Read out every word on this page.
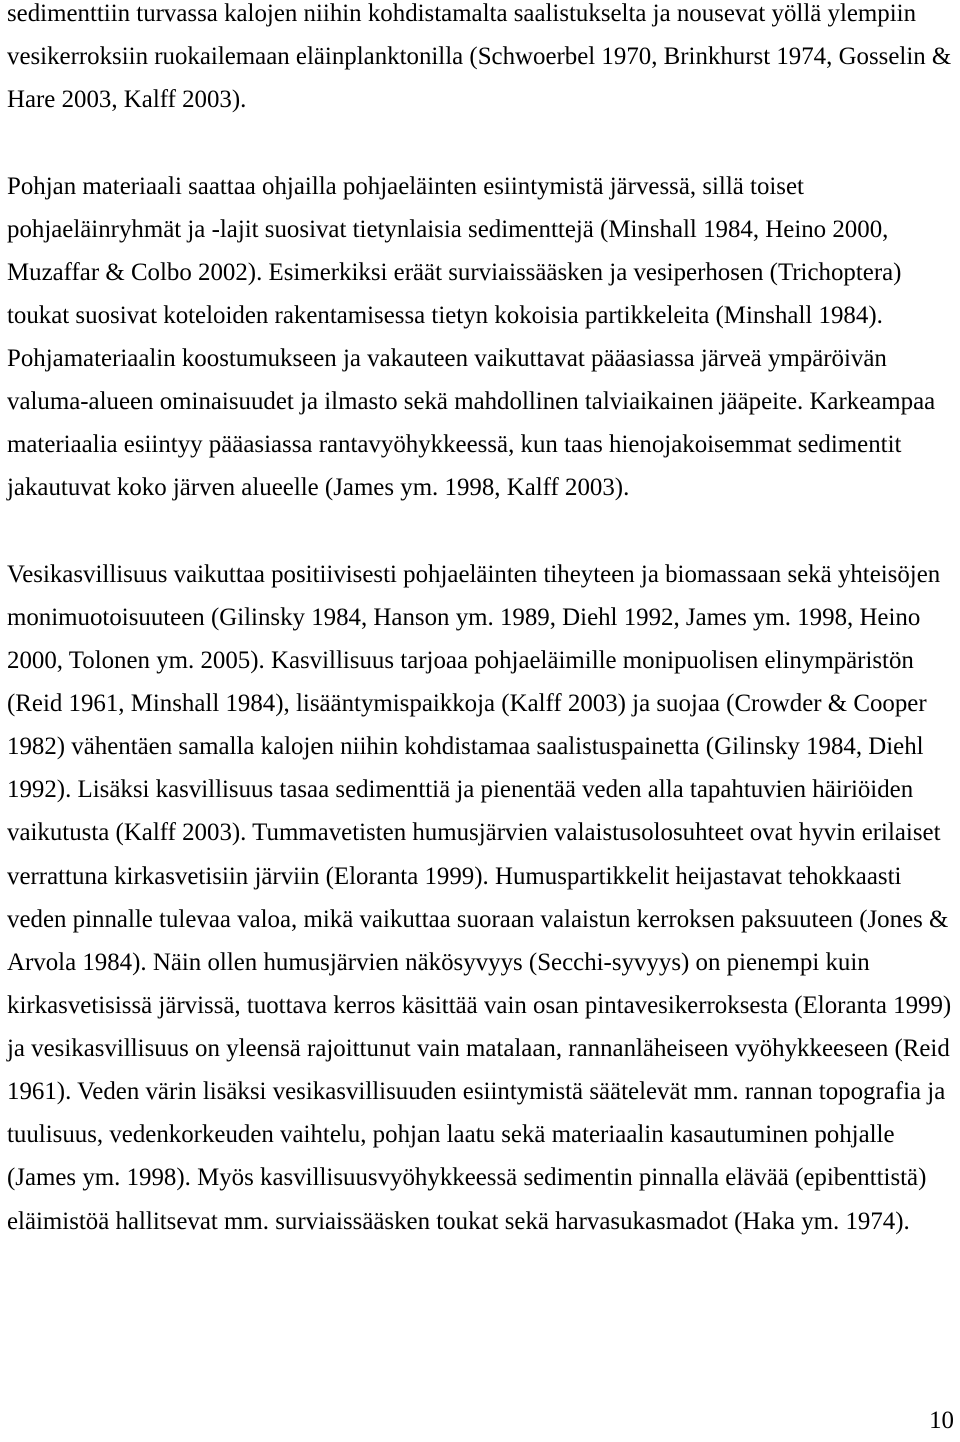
sedimenttiin turvassa kalojen niihin kohdistamalta saalistukselta ja nousevat yöllä ylempiin
vesikerroksiin ruokailemaan eläinplanktonilla (Schwoerbel 1970, Brinkhurst 1974, Gosselin &
Hare 2003, Kalff 2003).
Pohjan materiaali saattaa ohjailla pohjaeläinten esiintymistä järvessä, sillä toiset
pohjaeläinryhmät ja -lajit suosivat tietynlaisia sedimenttejä (Minshall 1984, Heino 2000,
Muzaffar & Colbo 2002). Esimerkiksi eräät surviaissääsken ja vesiperhosen (Trichoptera)
toukat suosivat koteloiden rakentamisessa tietyn kokoisia partikkeleita (Minshall 1984).
Pohjamateriaalin koostumukseen ja vakauteen vaikuttavat pääasiassa järveä ympäröivän
valuma-alueen ominaisuudet ja ilmasto sekä mahdollinen talviaikainen jääpeite. Karkeampaa
materiaalia esiintyy pääasiassa rantavyöhykkeessä, kun taas hienojakoisemmat sedimentit
jakautuvat koko järven alueelle (James ym. 1998, Kalff 2003).
Vesikasvillisuus vaikuttaa positiivisesti pohjaeläinten tiheyteen ja biomassaan sekä yhteisöjen
monimuotoisuuteen (Gilinsky 1984, Hanson ym. 1989, Diehl 1992, James ym. 1998, Heino
2000, Tolonen ym. 2005). Kasvillisuus tarjoaa pohjaeläimille monipuolisen elinympäristön
(Reid 1961, Minshall 1984), lisääntymispaikkoja (Kalff 2003) ja suojaa (Crowder & Cooper
1982) vähentäen samalla kalojen niihin kohdistamaa saalistuspainetta (Gilinsky 1984, Diehl
1992). Lisäksi kasvillisuus tasaa sedimenttiä ja pienentää veden alla tapahtuvien häiriöiden
vaikutusta (Kalff 2003). Tummavetisten humusjärvien valaistusolosuhteet ovat hyvin erilaiset
verrattuna kirkasvetisiin järviin (Eloranta 1999). Humuspartikkelit heijastavat tehokkaasti
veden pinnalle tulevaa valoa, mikä vaikuttaa suoraan valaistun kerroksen paksuuteen (Jones &
Arvola 1984). Näin ollen humusjärvien näkösyvyys (Secchi-syvyys) on pienempi kuin
kirkasvetisissä järvissä, tuottava kerros käsittää vain osan pintavesikerroksesta (Eloranta 1999)
ja vesikasvillisuus on yleensä rajoittunut vain matalaan, rannanläheiseen vyöhykkeeseen (Reid
1961). Veden värin lisäksi vesikasvillisuuden esiintymistä säätelevät mm. rannan topografia ja
tuulisuus, vedenkorkeuden vaihtelu, pohjan laatu sekä materiaalin kasautuminen pohjalle
(James ym. 1998). Myös kasvillisuusvyöhykkeessä sedimentin pinnalla elävää (epibenttistä)
eläimistöä hallitsevat mm. surviaissääsken toukat sekä harvasukasmadot (Haka ym. 1974).
10
